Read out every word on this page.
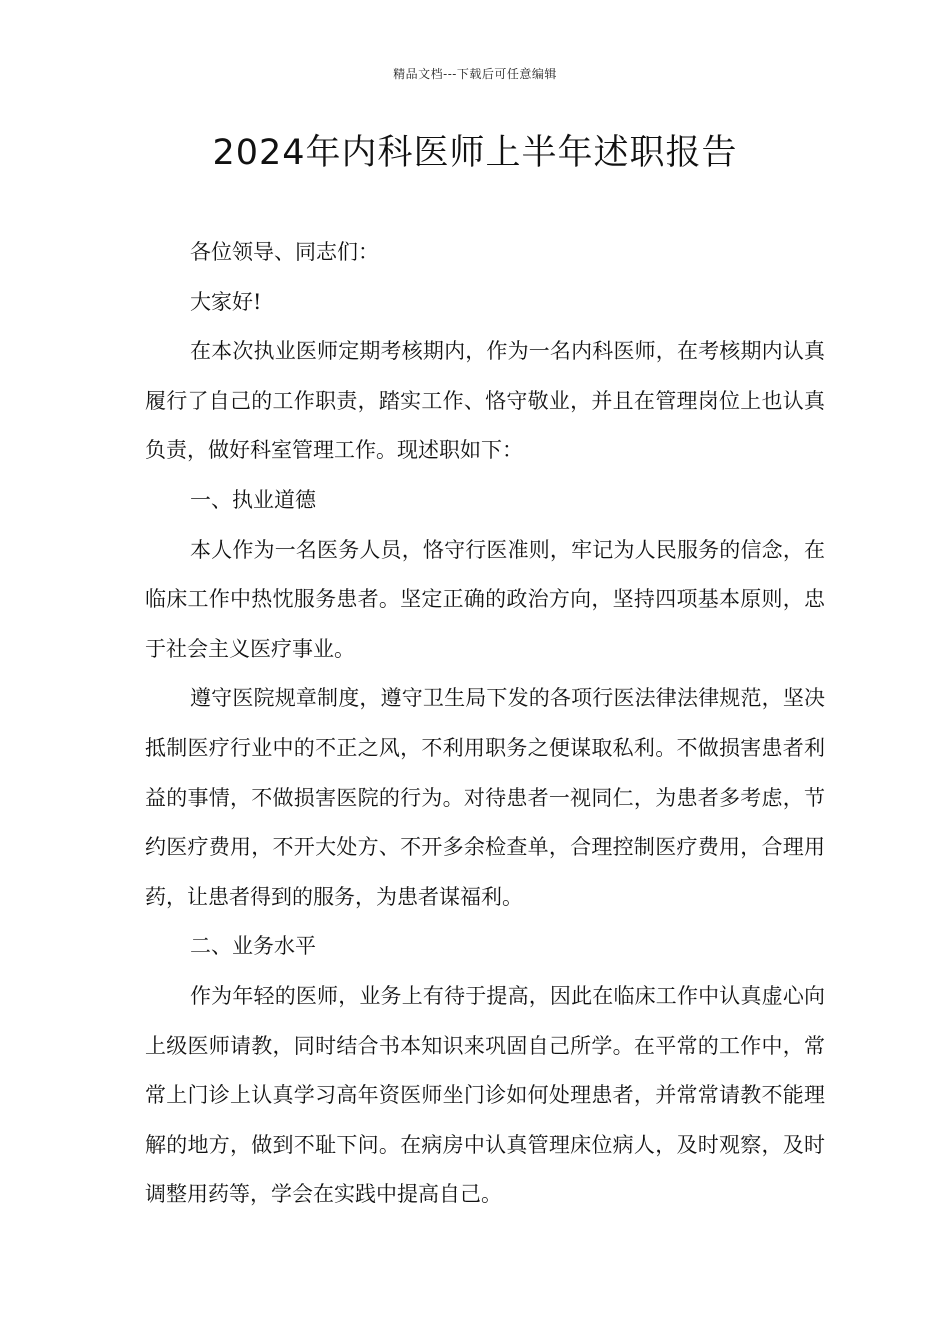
精品文档---下载后可任意编辑
2024年内科医师上半年述职报告

各位领导、同志们：

大家好!

在本次执业医师定期考核期内，作为一名内科医师，在考核期内认真履行了自己的工作职责，踏实工作、恪守敬业，并且在管理岗位上也认真负责，做好科室管理工作。现述职如下：

一、执业道德

本人作为一名医务人员，恪守行医准则，牢记为人民服务的信念，在临床工作中热忱服务患者。坚定正确的政治方向，坚持四项基本原则，忠于社会主义医疗事业。

遵守医院规章制度，遵守卫生局下发的各项行医法律法律规范，坚决抵制医疗行业中的不正之风，不利用职务之便谋取私利。不做损害患者利益的事情，不做损害医院的行为。对待患者一视同仁，为患者多考虑，节约医疗费用，不开大处方、不开多余检查单，合理控制医疗费用，合理用药，让患者得到的服务，为患者谋福利。

二、业务水平

作为年轻的医师，业务上有待于提高，因此在临床工作中认真虚心向上级医师请教，同时结合书本知识来巩固自己所学。在平常的工作中，常常上门诊上认真学习高年资医师坐门诊如何处理患者，并常常请教不能理解的地方，做到不耻下问。在病房中认真管理床位病人，及时观察，及时调整用药等，学会在实践中提高自己。
